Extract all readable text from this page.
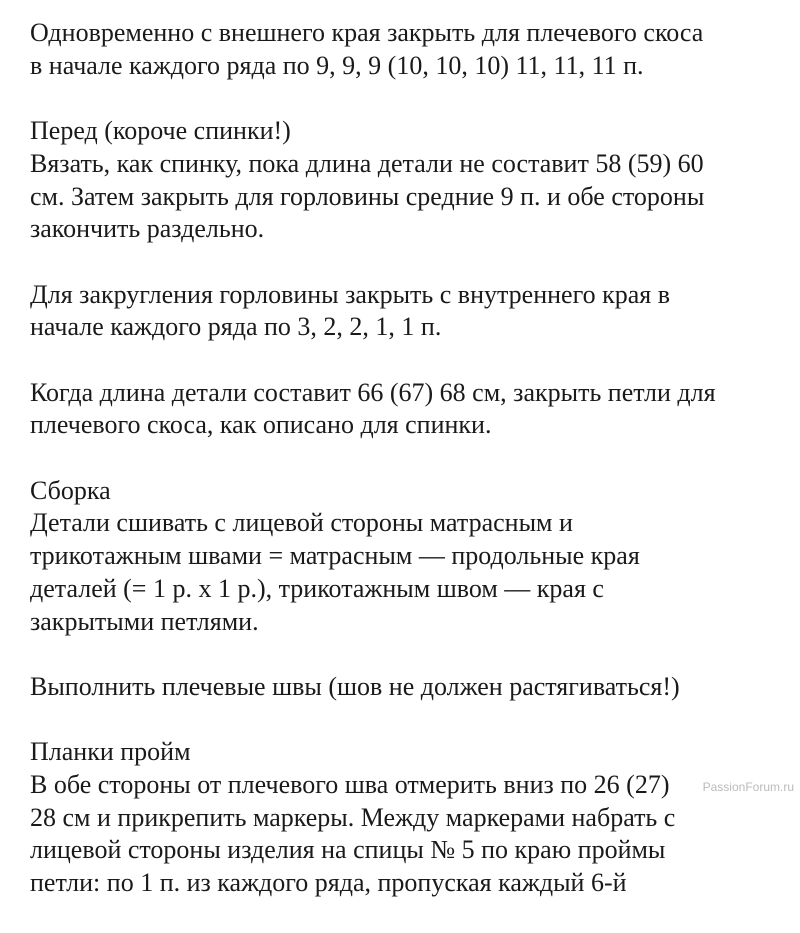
Одновременно с внешнего края закрыть для плечевого скоса
в начале каждого ряда по 9, 9, 9 (10, 10, 10) 11, 11, 11 п.
Перед (короче спинки!)
Вязать, как спинку, пока длина детали не составит 58 (59) 60
см. Затем закрыть для горловины средние 9 п. и обе стороны
закончить раздельно.
Для закругления горловины закрыть с внутреннего края в
начале каждого ряда по 3, 2, 2, 1, 1 п.
Когда длина детали составит 66 (67) 68 см, закрыть петли для
плечевого скоса, как описано для спинки.
Сборка
Детали сшивать с лицевой стороны матрасным и
трикотажным швами = матрасным — продольные края
деталей (= 1 р. х 1 р.), трикотажным швом — края с
закрытыми петлями.
Выполнить плечевые швы (шов не должен растягиваться!)
Планки пройм
В обе стороны от плечевого шва отмерить вниз по 26 (27)
28 см и прикрепить маркеры. Между маркерами набрать с
лицевой стороны изделия на спицы № 5 по краю проймы
петли: по 1 п. из каждого ряда, пропуская каждый 6-й
PassionForum.ru
